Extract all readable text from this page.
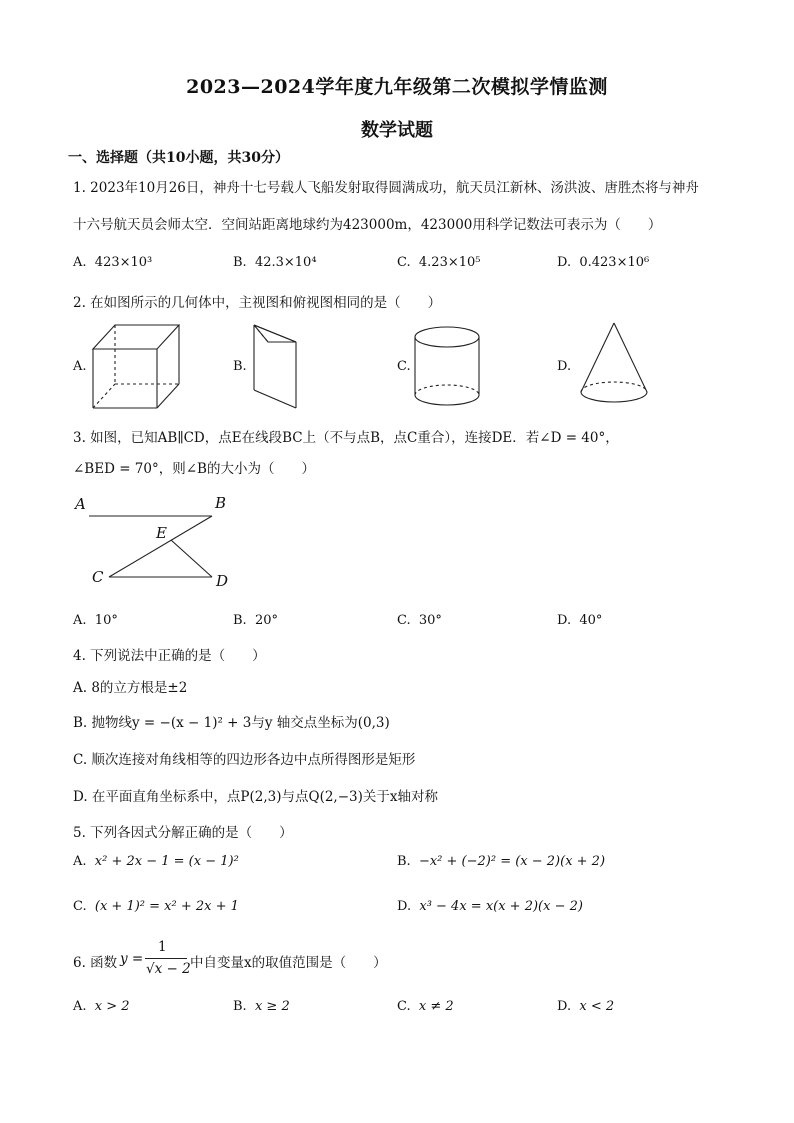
2023—2024学年度九年级第二次模拟学情监测
数学试题
一、选择题（共10小题，共30分）
1. 2023年10月26日，神舟十七号载人飞船发射取得圆满成功，航天员江新林、汤洪波、唐胜杰将与神舟
十六号航天员会师太空．空间站距离地球约为423000m，423000用科学记数法可表示为（　　）
A. 423×10³	B. 42.3×10⁴	C. 4.23×10⁵	D. 0.423×10⁶
2. 在如图所示的几何体中，主视图和俯视图相同的是（　　）
A.	B.	C.	D.
3. 如图，已知AB∥CD，点E在线段BC上（不与点B，点C重合），连接DE．若∠D = 40°，
∠BED = 70°，则∠B的大小为（　　）
A	B
E
C	D
A. 10°	B. 20°	C. 30°	D. 40°
4. 下列说法中正确的是（　　）
A. 8的立方根是±2
B. 抛物线y = −(x − 1)² + 3与y 轴交点坐标为(0,3)
C. 顺次连接对角线相等的四边形各边中点所得图形是矩形
D. 在平面直角坐标系中，点P(2,3)与点Q(2,−3)关于x轴对称
5. 下列各因式分解正确的是（　　）
A. x² + 2x − 1 = (x − 1)²	B. −x² + (−2)² = (x − 2)(x + 2)
C. (x + 1)² = x² + 2x + 1	D. x³ − 4x = x(x + 2)(x − 2)
6. 函数 y =
1
√x − 2 中自变量x的取值范围是（　　）
A. x > 2	B. x ≥ 2	C. x ≠ 2	D. x < 2
